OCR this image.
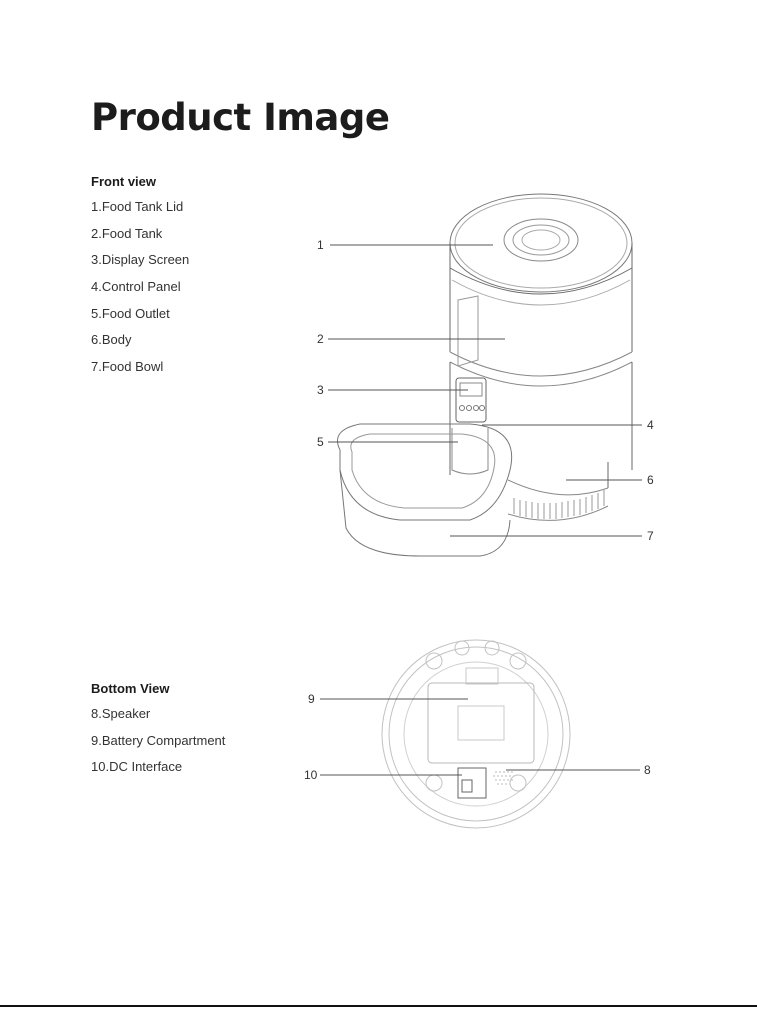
Product Image
Front view
1.Food Tank Lid
2.Food Tank
3.Display Screen
4.Control Panel
5.Food Outlet
6.Body
7.Food Bowl
Bottom View
8.Speaker
9.Battery Compartment
10.DC Interface
1
2
3
4
5
6
7
9
10	8
